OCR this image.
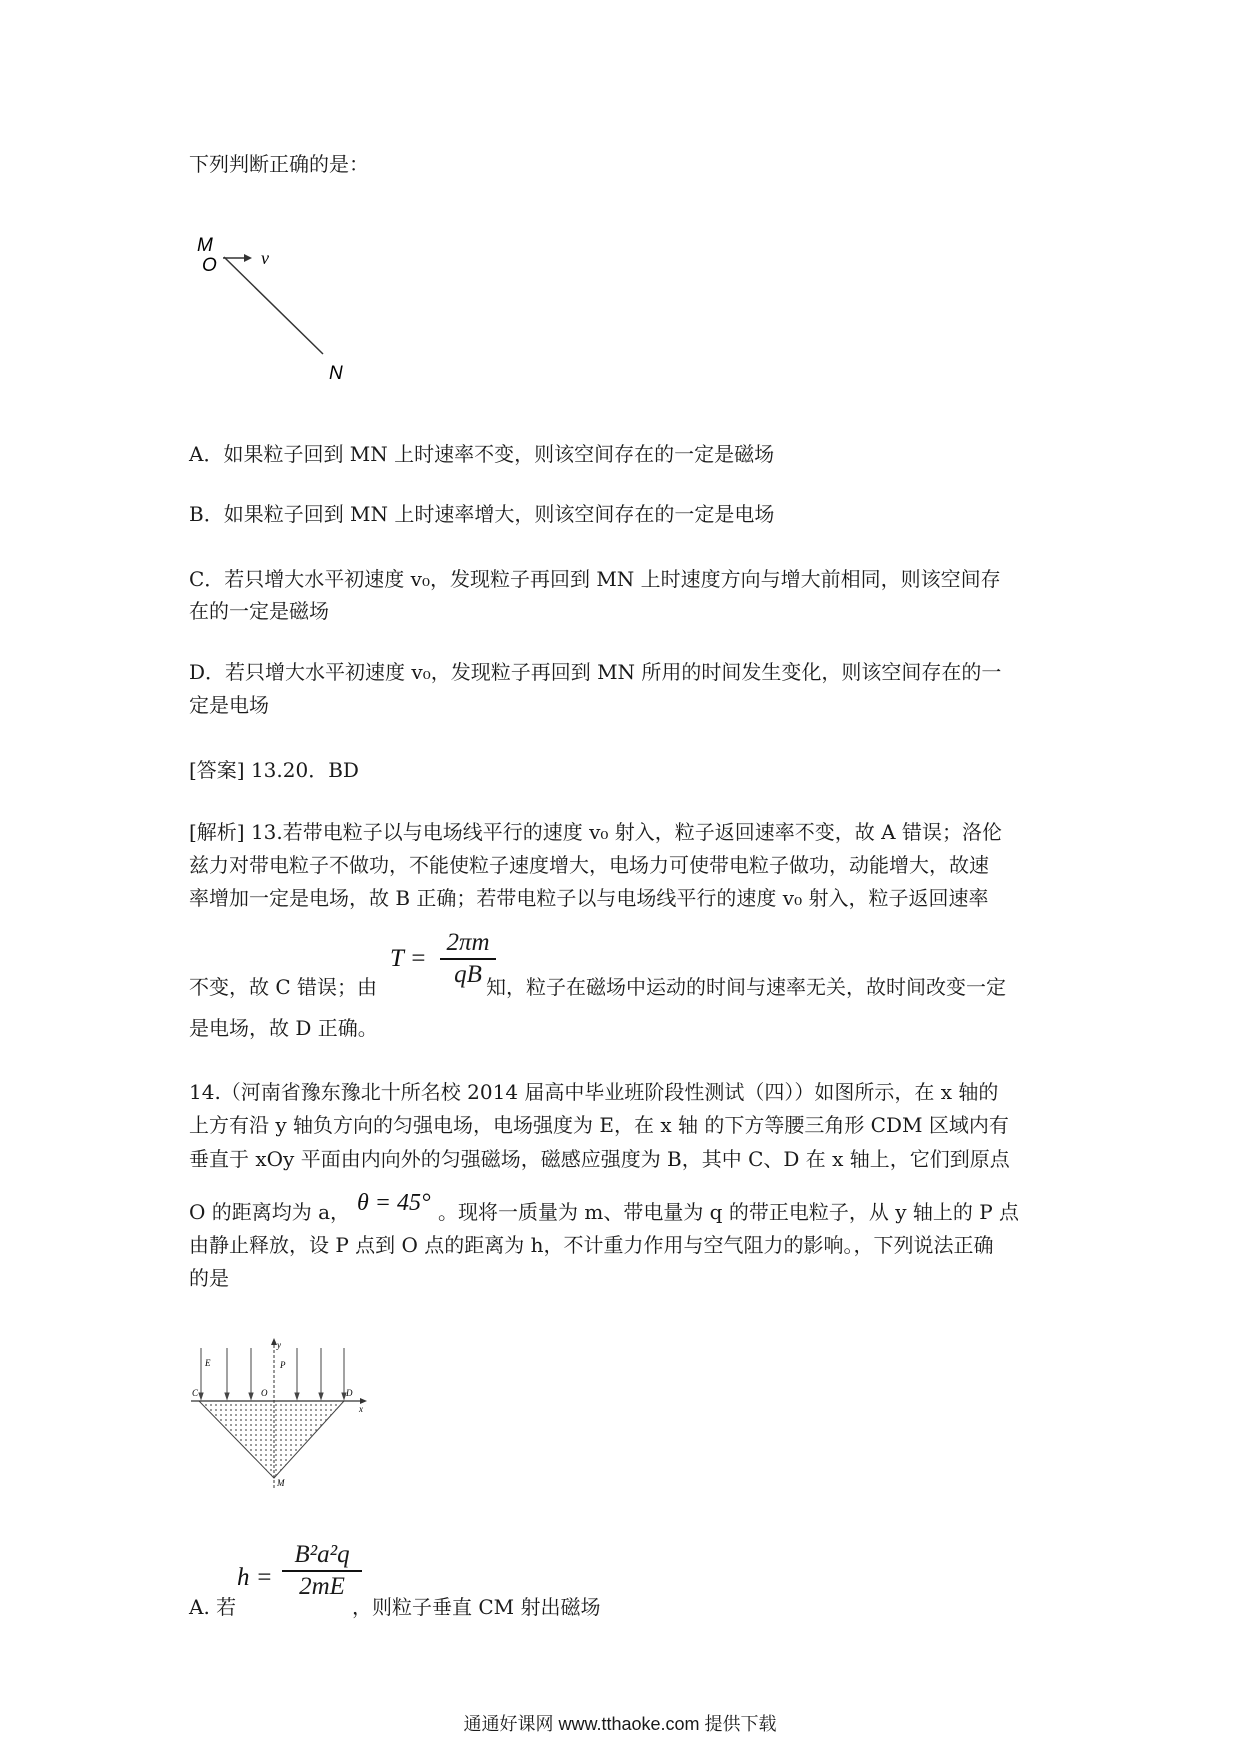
下列判断正确的是：
M
O v
N
A．如果粒子回到 MN 上时速率不变，则该空间存在的一定是磁场
B．如果粒子回到 MN 上时速率增大，则该空间存在的一定是电场
C．若只增大水平初速度 v₀，发现粒子再回到 MN 上时速度方向与增大前相同，则该空间存
在的一定是磁场
D．若只增大水平初速度 v₀，发现粒子再回到 MN 所用的时间发生变化，则该空间存在的一
定是电场
[答案] 13.20．BD
[解析] 13.若带电粒子以与电场线平行的速度 v₀ 射入，粒子返回速率不变，故 A 错误；洛伦
兹力对带电粒子不做功，不能使粒子速度增大，电场力可使带电粒子做功，动能增大，故速
率增加一定是电场，故 B 正确；若带电粒子以与电场线平行的速度 v₀ 射入，粒子返回速率
不变，故 C 错误；由
T =
2πm
qB 知，粒子在磁场中运动的时间与速率无关，故时间改变一定
是电场，故 D 正确。
14.（河南省豫东豫北十所名校 2014 届高中毕业班阶段性测试（四））如图所示，在 x 轴的
上方有沿 y 轴负方向的匀强电场，电场强度为 E，在 x 轴 的下方等腰三角形 CDM 区域内有
垂直于 xOy 平面由内向外的匀强磁场，磁感应强度为 B，其中 C、D 在 x 轴上，它们到原点
O 的距离均为 a， θ = 45° 。现将一质量为 m、带电量为 q 的带正电粒子，从 y 轴上的 P 点
由静止释放，设 P 点到 O 点的距离为 h，不计重力作用与空气阻力的影响。，下列说法正确
的是
y
E	P
C	O	D
x
M
A. 若
h =
B²a²q
2mE
，则粒子垂直 CM 射出磁场
通通好课网 www.tthaoke.com 提供下载
